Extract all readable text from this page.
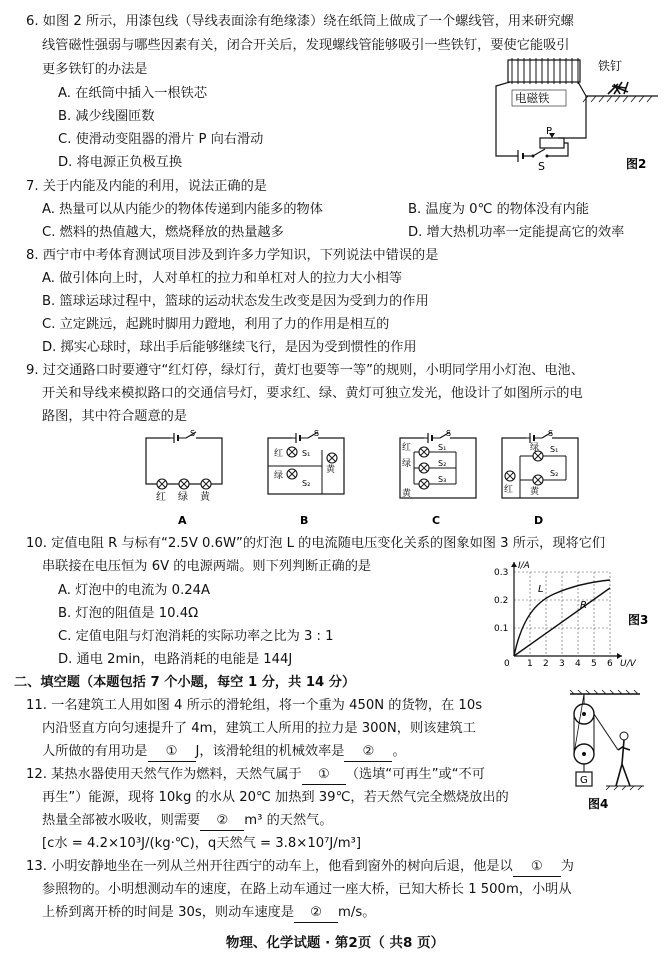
6. 如图 2 所示，用漆包线（导线表面涂有绝缘漆）绕在纸筒上做成了一个螺线管，用来研究螺
线管磁性强弱与哪些因素有关，闭合开关后，发现螺线管能够吸引一些铁钉，要使它能吸引
更多铁钉的办法是
A. 在纸筒中插入一根铁芯
B. 减少线圈匝数
C. 使滑动变阻器的滑片 P 向右滑动
D. 将电源正负极互换
P
S
电磁铁
铁钉
图2
7. 关于内能及内能的利用，说法正确的是
A. 热量可以从内能少的物体传递到内能多的物体	B. 温度为 0℃ 的物体没有内能
C. 燃料的热值越大，燃烧释放的热量越多	D. 增大热机功率一定能提高它的效率
8. 西宁市中考体育测试项目涉及到许多力学知识，下列说法中错误的是
A. 做引体向上时，人对单杠的拉力和单杠对人的拉力大小相等
B. 篮球运球过程中，篮球的运动状态发生改变是因为受到力的作用
C. 立定跳远，起跳时脚用力蹬地，利用了力的作用是相互的
D. 掷实心球时，球出手后能够继续飞行，是因为受到惯性的作用
9. 过交通路口时要遵守“红灯停，绿灯行，黄灯也要等一等”的规则，小明同学用小灯泡、电池、
开关和导线来模拟路口的交通信号灯，要求红、绿、黄灯可独立发光，他设计了如图所示的电
路图，其中符合题意的是
S
红 绿 黄
A
S
红 S₁
绿
S₂
黄
B
S
红
绿
黄
S₁
S₂
S₃
C
S
绿
红 黄
S₁
S₂
D
10. 定值电阻 R 与标有“2.5V 0.6W”的灯泡 L 的电流随电压变化关系的图象如图 3 所示，现将它们
串联接在电压恒为 6V 的电源两端。则下列判断正确的是
A. 灯泡中的电流为 0.24A
B. 灯泡的阻值是 10.4Ω
C. 定值电阻与灯泡消耗的实际功率之比为 3 : 1
D. 通电 2min，电路消耗的电能是 144J
L
R
I/A
U/V
0
0.1
0.2
0.3
1 2 3 4 5 6
图3
二、填空题（本题包括 7 个小题，每空 1 分，共 14 分）
11. 一名建筑工人用如图 4 所示的滑轮组，将一个重为 450N 的货物，在 10s
内沿竖直方向匀速提升了 4m，建筑工人所用的拉力是 300N，则该建筑工
人所做的有用功是 ① J，该滑轮组的机械效率是 ② 。
G
图4
12. 某热水器使用天然气作为燃料，天然气属于 ① （选填“可再生”或“不可
再生”）能源，现将 10kg 的水从 20℃ 加热到 39℃，若天然气完全燃烧放出的
热量全部被水吸收，则需要 ② m³ 的天然气。
[c水 = 4.2×10³J/(kg·℃)，q天然气 = 3.8×10⁷J/m³]
13. 小明安静地坐在一列从兰州开往西宁的动车上，他看到窗外的树向后退，他是以 ① 为
参照物的。小明想测动车的速度，在路上动车通过一座大桥，已知大桥长 1 500m，小明从
上桥到离开桥的时间是 30s，则动车速度是 ② m/s。
物理、化学试题 · 第2页（ 共8 页）
